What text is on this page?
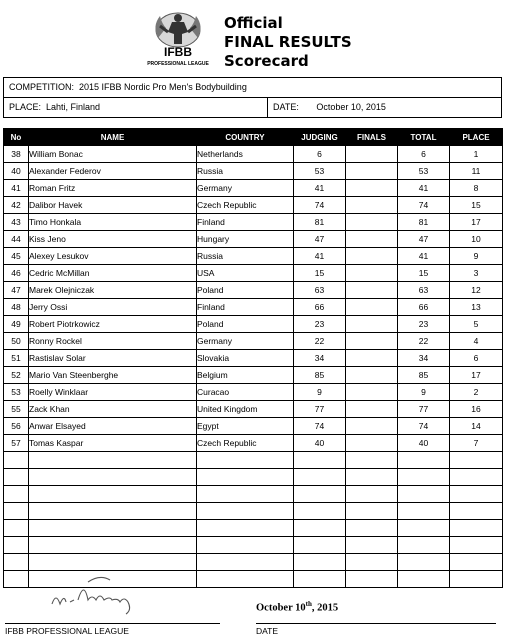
IFBB
PROFESSIONAL LEAGUE
Official
FINAL RESULTS
Scorecard
COMPETITION: 2015 IFBB Nordic Pro Men's Bodybuilding
PLACE: Lahti, Finland	DATE: October 10, 2015
No	NAME	COUNTRY	JUDGING	FINALS	TOTAL	PLACE
38	William Bonac	Netherlands	6		6	1
40	Alexander Federov	Russia	53		53	11
41	Roman Fritz	Germany	41		41	8
42	Dalibor Havek	Czech Republic	74		74	15
43	Timo Honkala	Finland	81		81	17
44	Kiss Jeno	Hungary	47		47	10
45	Alexey Lesukov	Russia	41		41	9
46	Cedric McMillan	USA	15		15	3
47	Marek Olejniczak	Poland	63		63	12
48	Jerry Ossi	Finland	66		66	13
49	Robert Piotrkowicz	Poland	23		23	5
50	Ronny Rockel	Germany	22		22	4
51	Rastislav Solar	Slovakia	34		34	6
52	Mario Van Steenberghe	Belgium	85		85	17
53	Roelly Winklaar	Curacao	9		9	2
55	Zack Khan	United Kingdom	77		77	16
56	Anwar Elsayed	Egypt	74		74	14
57	Tomas Kaspar	Czech Republic	40		40	7

October 10th, 2015
IFBB PROFESSIONAL LEAGUE	DATE
